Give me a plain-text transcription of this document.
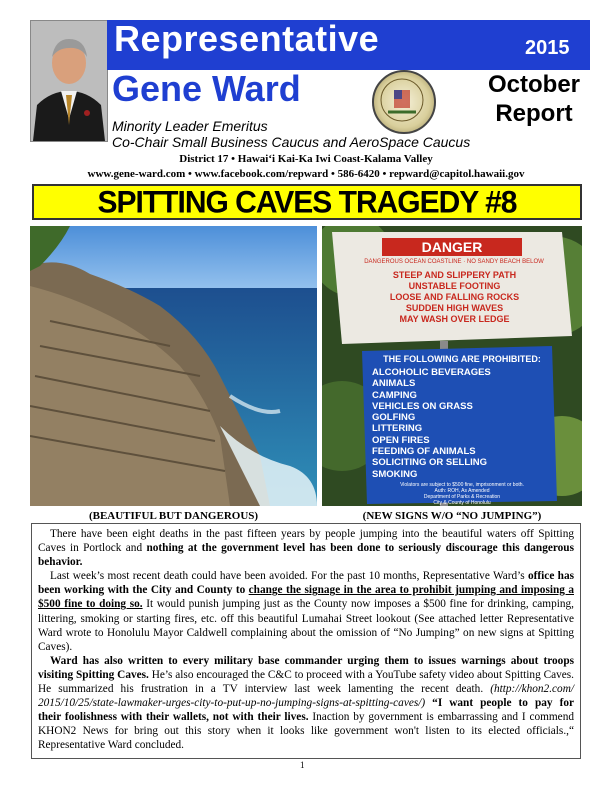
Representative	2015
Gene Ward	October
Report
Minority Leader Emeritus
Co-Chair Small Business Caucus and AeroSpace Caucus
District 17 • Hawai‘i Kai-Ka Iwi Coast-Kalama Valley
www.gene-ward.com • www.facebook.com/repward • 586-6420 • repward@capitol.hawaii.gov
SPITTING CAVES TRAGEDY #8
DANGER
DANGEROUS OCEAN COASTLINE · NO SANDY BEACH BELOW
STEEP AND SLIPPERY PATH
UNSTABLE FOOTING
LOOSE AND FALLING ROCKS
SUDDEN HIGH WAVES
MAY WASH OVER LEDGE
THE FOLLOWING ARE PROHIBITED:
ALCOHOLIC BEVERAGES
ANIMALS
CAMPING
VEHICLES ON GRASS
GOLFING
LITTERING
OPEN FIRES
FEEDING OF ANIMALS
SOLICITING OR SELLING
SMOKING
Violators are subject to $500 fine, imprisonment or both.
Auth: ROH, As Amended
Department of Parks & Recreation
City & County of Honolulu
(BEAUTIFUL BUT DANGEROUS)	(NEW SIGNS W/O “NO JUMPING”)

There have been eight deaths in the past fifteen years by people jumping into the beautiful waters off Spitting Caves in Portlock and nothing at the government level has been done to seriously discourage this dangerous behavior.

Last week’s most recent death could have been avoided. For the past 10 months, Representative Ward’s office has been working with the City and County to change the signage in the area to prohibit jumping and imposing a $500 fine to doing so. It would punish jumping just as the County now imposes a $500 fine for drinking, camping, littering, smoking or starting fires, etc. off this beautiful Lumahai Street lookout (See attached letter Representative Ward wrote to Honolulu Mayor Caldwell complaining about the omission of “No Jumping” on new signs at Spitting Caves).

Ward has also written to every military base commander urging them to issues warnings about troops visiting Spitting Caves. He’s also encouraged the C&C to proceed with a YouTube safety video about Spitting Caves. He summarized his frustration in a TV interview last week lamenting the recent death. (http://khon2.com/ 2015/10/25/state-lawmaker-urges-city-to-put-up-no-jumping-signs-at-spitting-caves/) “I want people to pay for their foolishness with their wallets, not with their lives. Inaction by government is embarrassing and I commend KHON2 News for bring out this story when it looks like government won't listen to its elected officials.,“ Representative Ward concluded.

1
